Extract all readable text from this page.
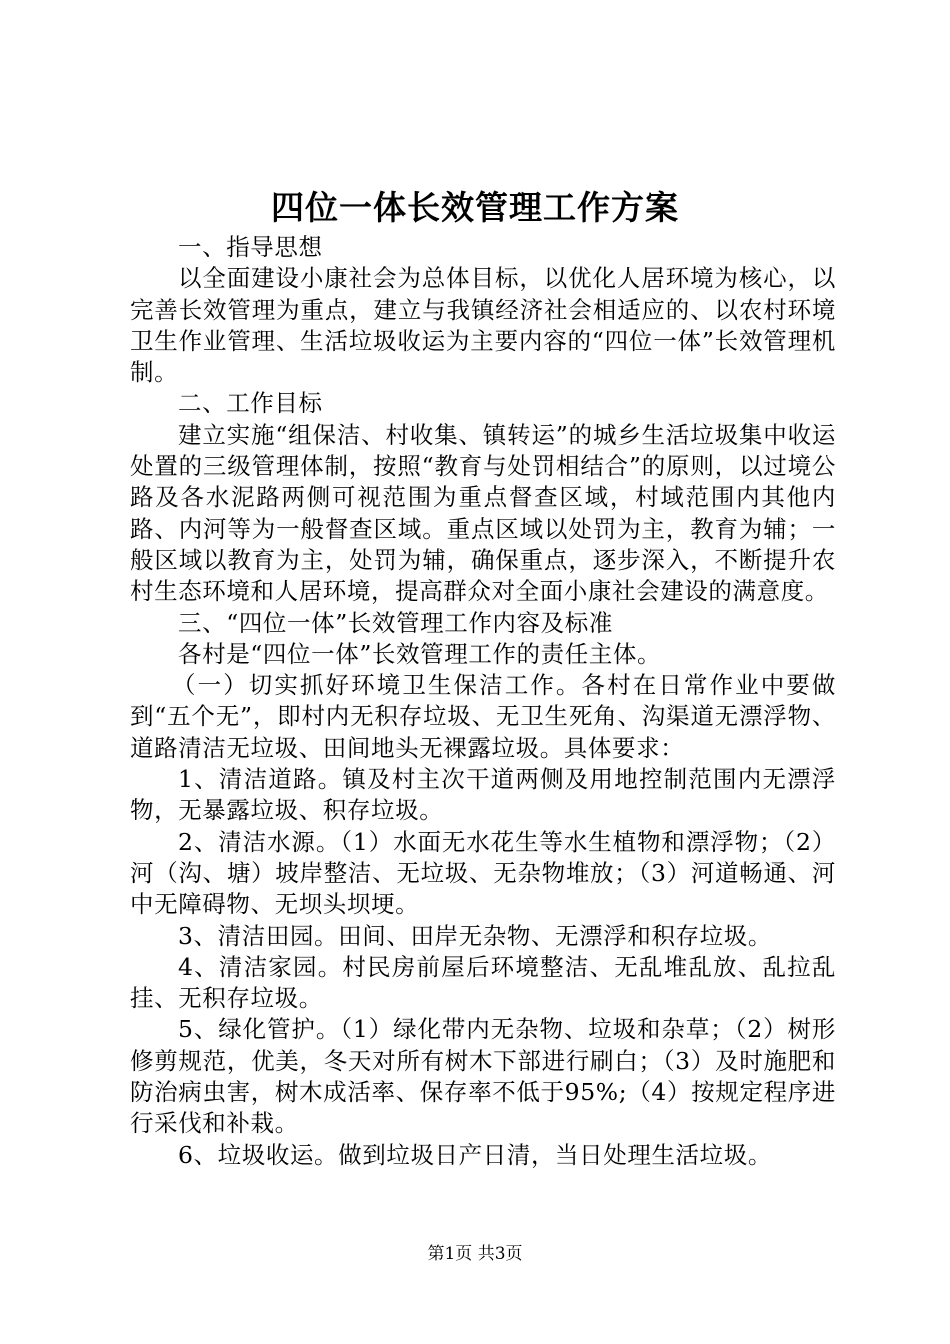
四位一体长效管理工作方案

一、指导思想

以全面建设小康社会为总体目标，以优化人居环境为核心，以完善长效管理为重点，建立与我镇经济社会相适应的、以农村环境卫生作业管理、生活垃圾收运为主要内容的“四位一体”长效管理机制。

二、工作目标

建立实施“组保洁、村收集、镇转运”的城乡生活垃圾集中收运处置的三级管理体制，按照“教育与处罚相结合”的原则，以过境公路及各水泥路两侧可视范围为重点督查区域，村域范围内其他内路、内河等为一般督查区域。重点区域以处罚为主，教育为辅；一般区域以教育为主，处罚为辅，确保重点，逐步深入，不断提升农村生态环境和人居环境，提高群众对全面小康社会建设的满意度。

三、“四位一体”长效管理工作内容及标准

各村是“四位一体”长效管理工作的责任主体。

（一）切实抓好环境卫生保洁工作。各村在日常作业中要做到“五个无”，即村内无积存垃圾、无卫生死角、沟渠道无漂浮物、道路清洁无垃圾、田间地头无裸露垃圾。具体要求：

1、清洁道路。镇及村主次干道两侧及用地控制范围内无漂浮物，无暴露垃圾、积存垃圾。

2、清洁水源。（1）水面无水花生等水生植物和漂浮物；（2）河（沟、塘）坡岸整洁、无垃圾、无杂物堆放；（3）河道畅通、河中无障碍物、无坝头坝埂。

3、清洁田园。田间、田岸无杂物、无漂浮和积存垃圾。

4、清洁家园。村民房前屋后环境整洁、无乱堆乱放、乱拉乱挂、无积存垃圾。

5、绿化管护。（1）绿化带内无杂物、垃圾和杂草；（2）树形修剪规范，优美，冬天对所有树木下部进行刷白；（3）及时施肥和防治病虫害，树木成活率、保存率不低于95%;（4）按规定程序进行采伐和补栽。

6、垃圾收运。做到垃圾日产日清，当日处理生活垃圾。

第1页 共3页
